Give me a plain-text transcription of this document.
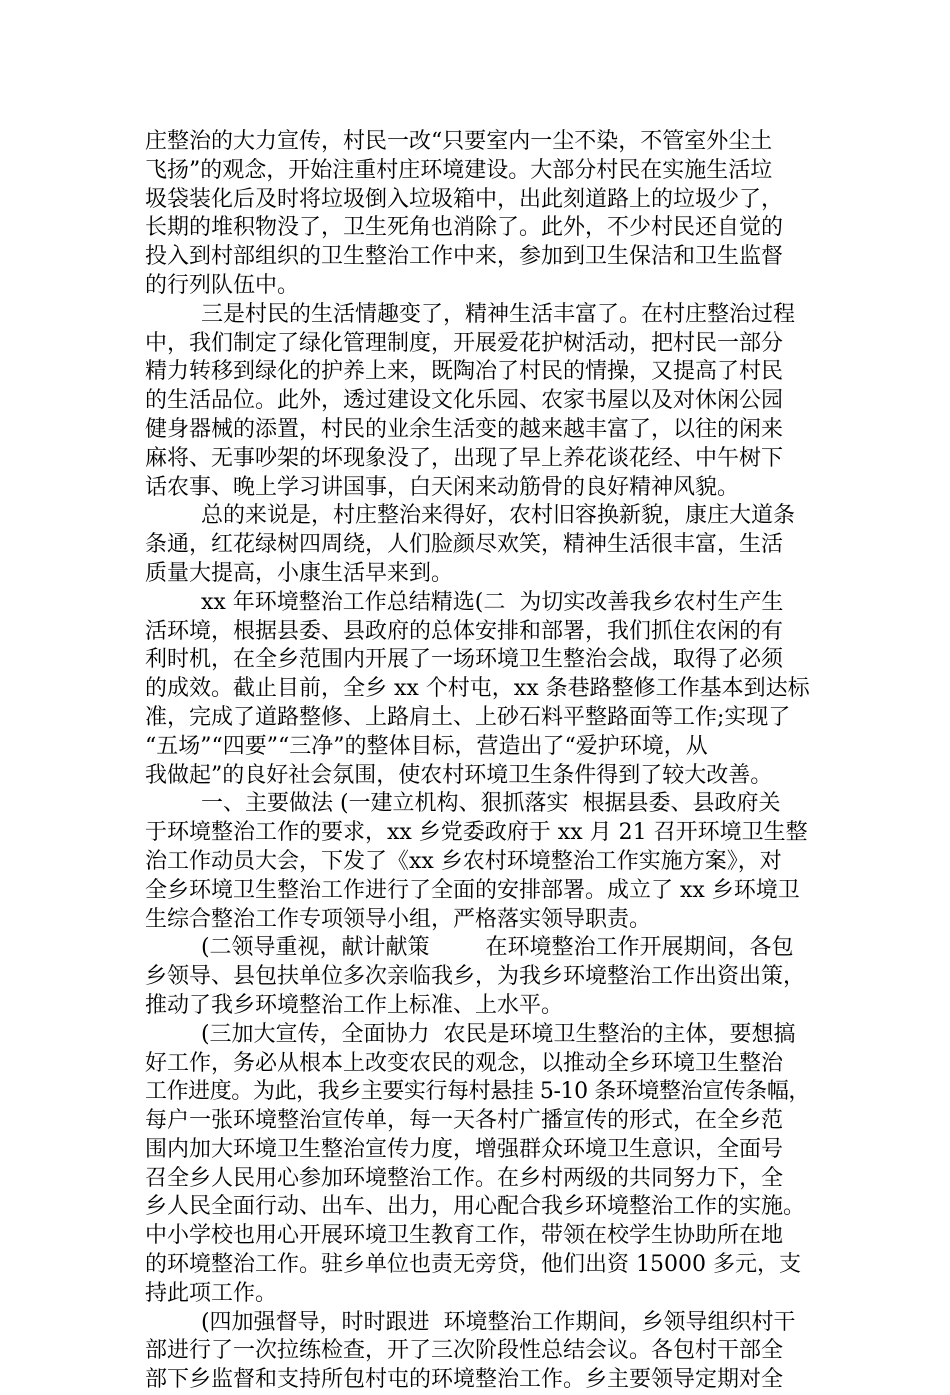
庄整治的大力宣传，村民一改“只要室内一尘不染，不管室外尘土
飞扬”的观念，开始注重村庄环境建设。大部分村民在实施生活垃
圾袋装化后及时将垃圾倒入垃圾箱中，出此刻道路上的垃圾少了，
长期的堆积物没了，卫生死角也消除了。此外，不少村民还自觉的
投入到村部组织的卫生整治工作中来，参加到卫生保洁和卫生监督
的行列队伍中。
三是村民的生活情趣变了，精神生活丰富了。在村庄整治过程
中，我们制定了绿化管理制度，开展爱花护树活动，把村民一部分
精力转移到绿化的护养上来，既陶冶了村民的情操，又提高了村民
的生活品位。此外，透过建设文化乐园、农家书屋以及对休闲公园
健身器械的添置，村民的业余生活变的越来越丰富了，以往的闲来
麻将、无事吵架的坏现象没了，出现了早上养花谈花经、中午树下
话农事、晚上学习讲国事，白天闲来动筋骨的良好精神风貌。
总的来说是，村庄整治来得好，农村旧容换新貌，康庄大道条
条通，红花绿树四周绕，人们脸颜尽欢笑，精神生活很丰富，生活
质量大提高，小康生活早来到。
xx 年环境整治工作总结精选(二  为切实改善我乡农村生产生
活环境，根据县委、县政府的总体安排和部署，我们抓住农闲的有
利时机，在全乡范围内开展了一场环境卫生整治会战，取得了必须
的成效。截止目前，全乡 xx 个村屯，xx 条巷路整修工作基本到达标
准，完成了道路整修、上路肩土、上砂石料平整路面等工作;实现了
“五场”“四要”“三净”的整体目标，营造出了“爱护环境，从
我做起”的良好社会氛围，使农村环境卫生条件得到了较大改善。
一、主要做法 (一建立机构、狠抓落实  根据县委、县政府关
于环境整治工作的要求，xx 乡党委政府于 xx 月 21 召开环境卫生整
治工作动员大会，下发了《xx 乡农村环境整治工作实施方案》，对
全乡环境卫生整治工作进行了全面的安排部署。成立了 xx 乡环境卫
生综合整治工作专项领导小组，严格落实领导职责。
(二领导重视，献计献策        在环境整治工作开展期间，各包
乡领导、县包扶单位多次亲临我乡，为我乡环境整治工作出资出策，
推动了我乡环境整治工作上标准、上水平。
(三加大宣传，全面协力  农民是环境卫生整治的主体，要想搞
好工作，务必从根本上改变农民的观念，以推动全乡环境卫生整治
工作进度。为此，我乡主要实行每村悬挂 5-10 条环境整治宣传条幅，
每户一张环境整治宣传单，每一天各村广播宣传的形式，在全乡范
围内加大环境卫生整治宣传力度，增强群众环境卫生意识，全面号
召全乡人民用心参加环境整治工作。在乡村两级的共同努力下，全
乡人民全面行动、出车、出力，用心配合我乡环境整治工作的实施。
中小学校也用心开展环境卫生教育工作，带领在校学生协助所在地
的环境整治工作。驻乡单位也责无旁贷，他们出资 15000 多元，支
持此项工作。
(四加强督导，时时跟进  环境整治工作期间，乡领导组织村干
部进行了一次拉练检查，开了三次阶段性总结会议。各包村干部全
部下乡监督和支持所包村屯的环境整治工作。乡主要领导定期对全
